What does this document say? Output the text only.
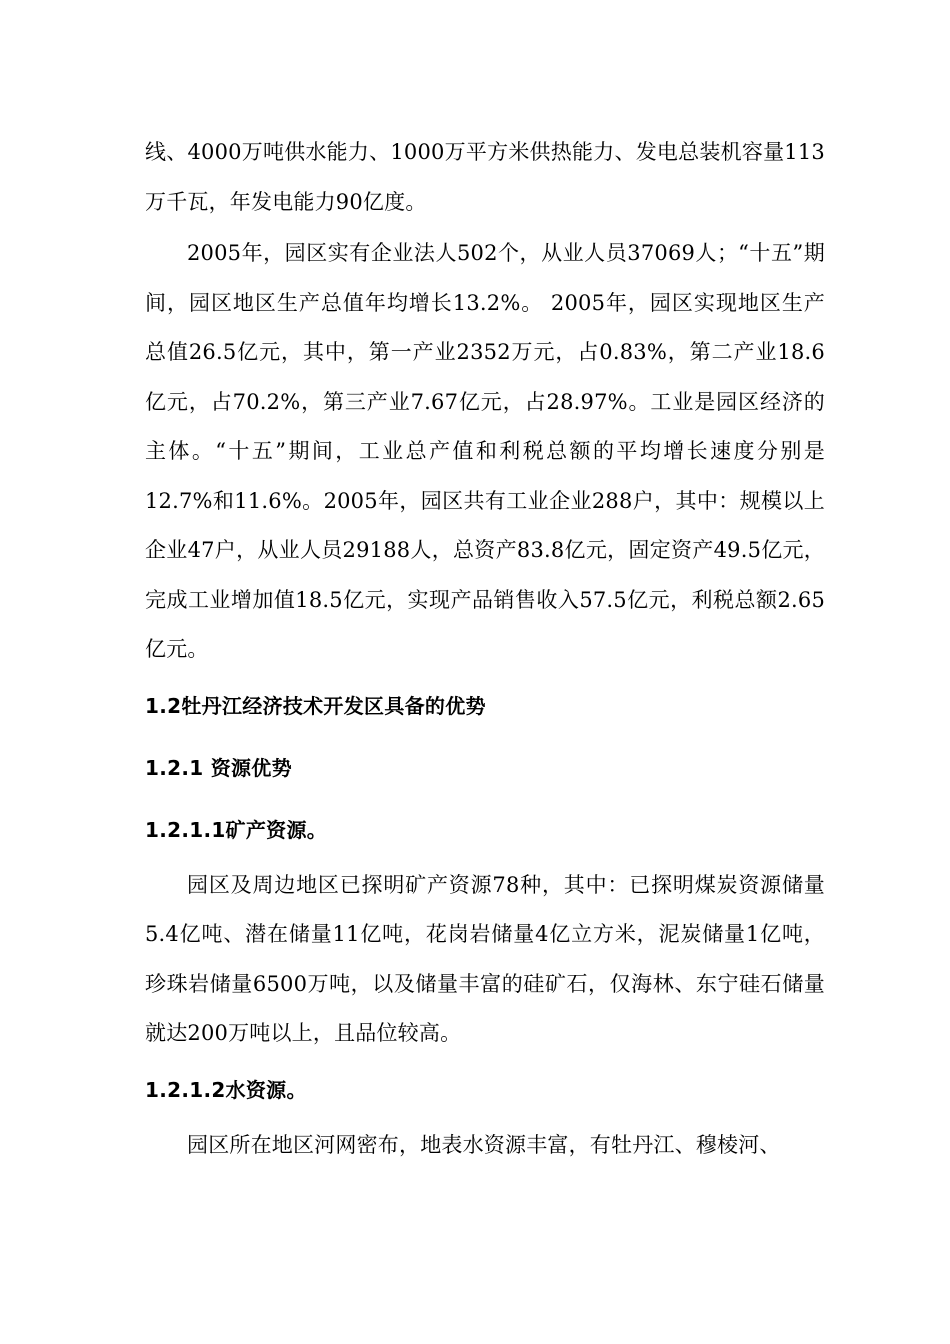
线、4000万吨供水能力、1000万平方米供热能力、发电总装机容量113万千瓦，年发电能力90亿度。

2005年，园区实有企业法人502个，从业人员37069人；“十五”期间，园区地区生产总值年均增长13.2%。 2005年，园区实现地区生产总值26.5亿元，其中，第一产业2352万元，占0.83%，第二产业18.6亿元，占70.2%，第三产业7.67亿元，占28.97%。工业是园区经济的主体。“十五”期间，工业总产值和利税总额的平均增长速度分别是12.7%和11.6%。2005年，园区共有工业企业288户，其中：规模以上企业47户，从业人员29188人，总资产83.8亿元，固定资产49.5亿元，完成工业增加值18.5亿元，实现产品销售收入57.5亿元，利税总额2.65亿元。

1.2牡丹江经济技术开发区具备的优势
1.2.1 资源优势
1.2.1.1矿产资源。

园区及周边地区已探明矿产资源78种，其中：已探明煤炭资源储量5.4亿吨、潜在储量11亿吨，花岗岩储量4亿立方米，泥炭储量1亿吨，珍珠岩储量6500万吨，以及储量丰富的硅矿石，仅海林、东宁硅石储量就达200万吨以上，且品位较高。

1.2.1.2水资源。

园区所在地区河网密布，地表水资源丰富，有牡丹江、穆棱河、
